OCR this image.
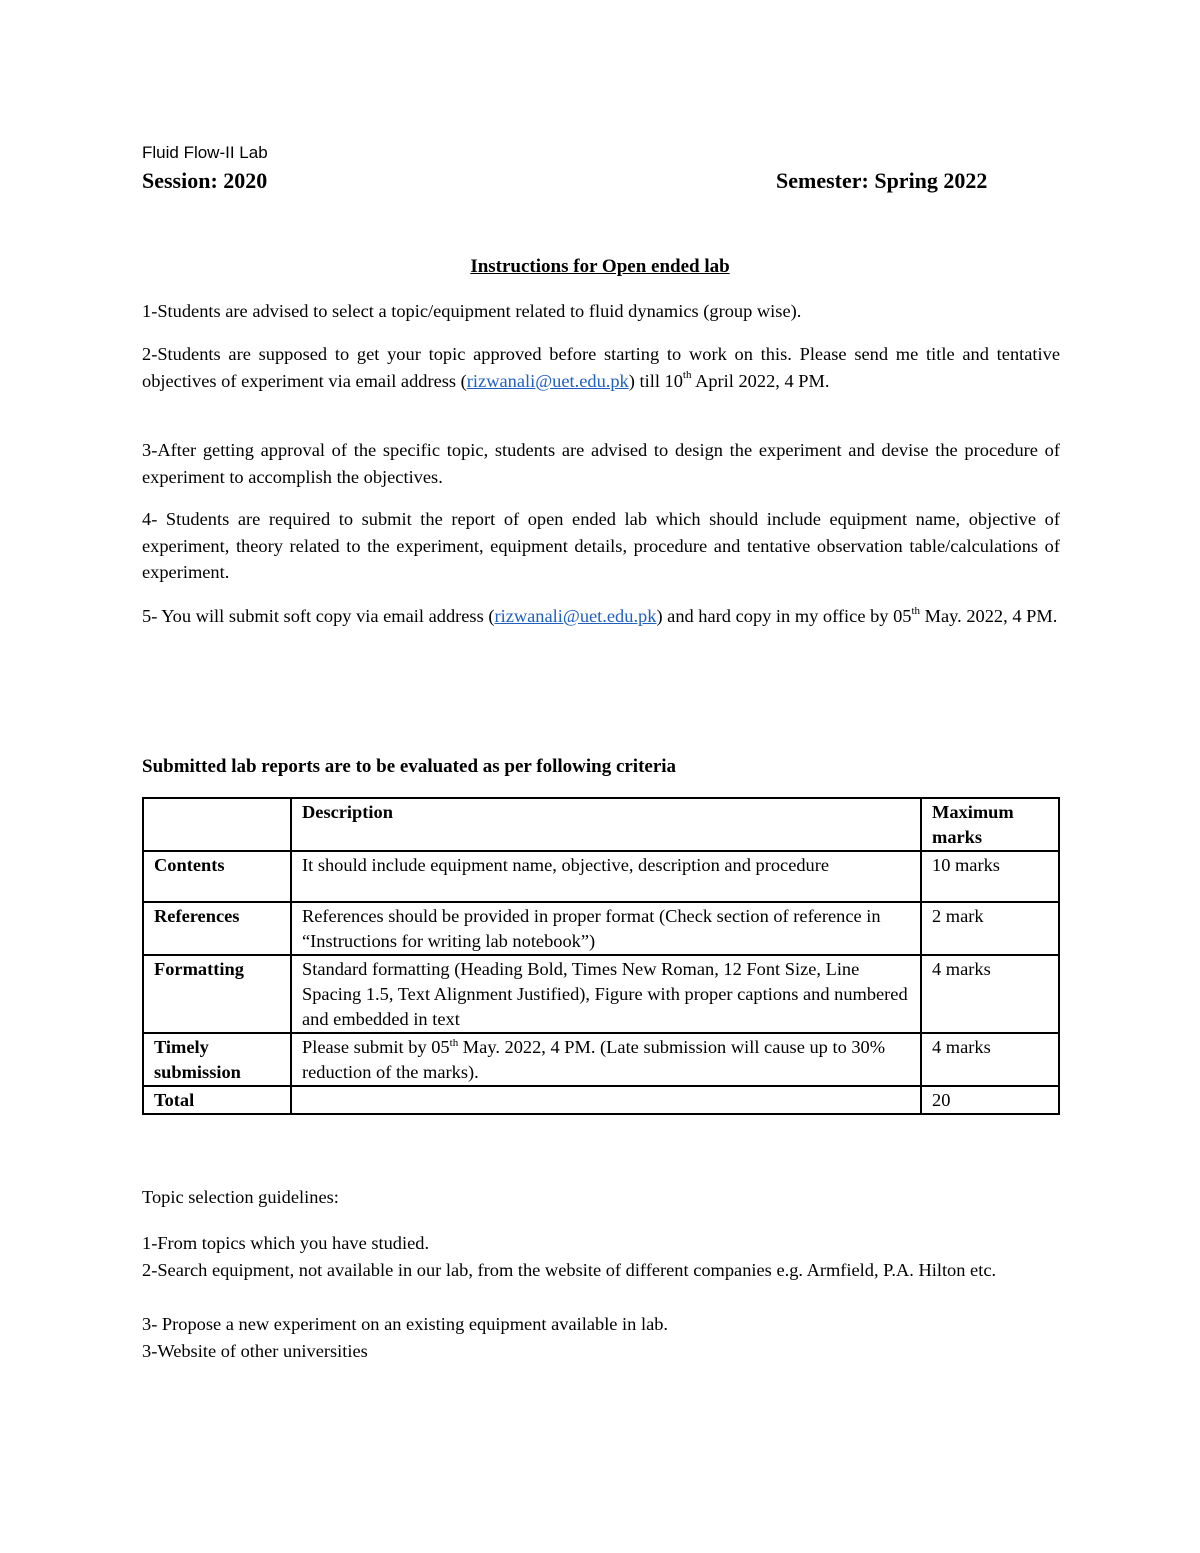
Fluid Flow-II Lab

Session: 2020	Semester: Spring 2022

Instructions for Open ended lab

1-Students are advised to select a topic/equipment related to fluid dynamics (group wise).

2-Students are supposed to get your topic approved before starting to work on this. Please send me title and tentative objectives of experiment via email address (rizwanali@uet.edu.pk) till 10th April 2022, 4 PM.

3-After getting approval of the specific topic, students are advised to design the experiment and devise the procedure of experiment to accomplish the objectives.

4- Students are required to submit the report of open ended lab which should include equipment name, objective of experiment, theory related to the experiment, equipment details, procedure and tentative observation table/calculations of experiment.

5- You will submit soft copy via email address (rizwanali@uet.edu.pk) and hard copy in my office by 05th May. 2022, 4 PM.

Submitted lab reports are to be evaluated as per following criteria

	Description	Maximum marks
Contents	It should include equipment name, objective, description and procedure	10 marks
References	References should be provided in proper format (Check section of reference in “Instructions for writing lab notebook”)	2 mark
Formatting	Standard formatting (Heading Bold, Times New Roman, 12 Font Size, Line Spacing 1.5, Text Alignment Justified), Figure with proper captions and numbered and embedded in text	4 marks
Timely submission	Please submit by 05th May. 2022, 4 PM. (Late submission will cause up to 30% reduction of the marks).	4 marks
Total		20

Topic selection guidelines:

1-From topics which you have studied.

2-Search equipment, not available in our lab, from the website of different companies e.g. Armfield, P.A. Hilton etc.

3- Propose a new experiment on an existing equipment available in lab.

3-Website of other universities
